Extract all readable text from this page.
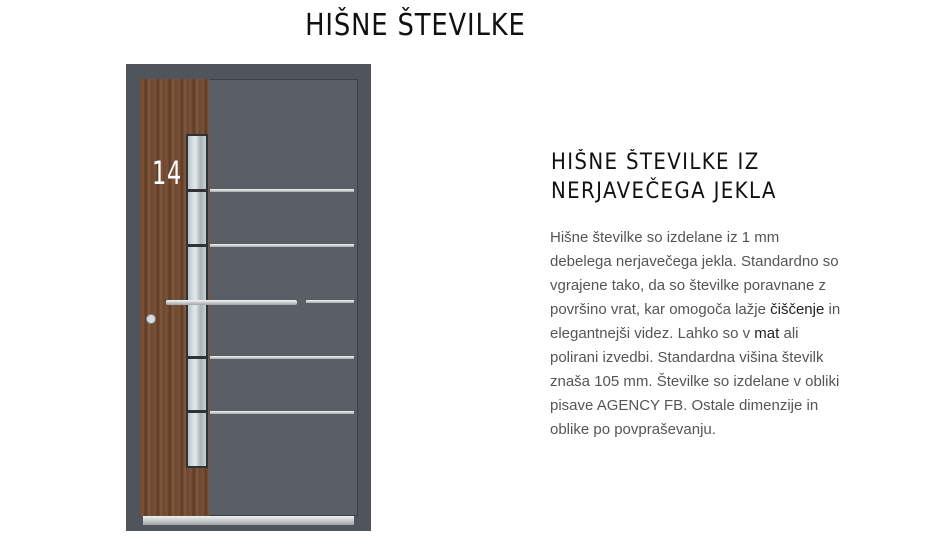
HIŠNE ŠTEVILKE
14	HIŠNE ŠTEVILKE IZ
NERJAVEČEGA JEKLA

Hišne številke so izdelane iz 1 mm debelega nerjavečega jekla. Standardno so vgrajene tako, da so številke poravnane z površino vrat, kar omogoča lažje čiščenje in elegantnejši videz. Lahko so v mat ali polirani izvedbi. Standardna višina številk znaša 105 mm. Številke so izdelane v obliki pisave AGENCY FB. Ostale dimenzije in oblike po povpraševanju.
